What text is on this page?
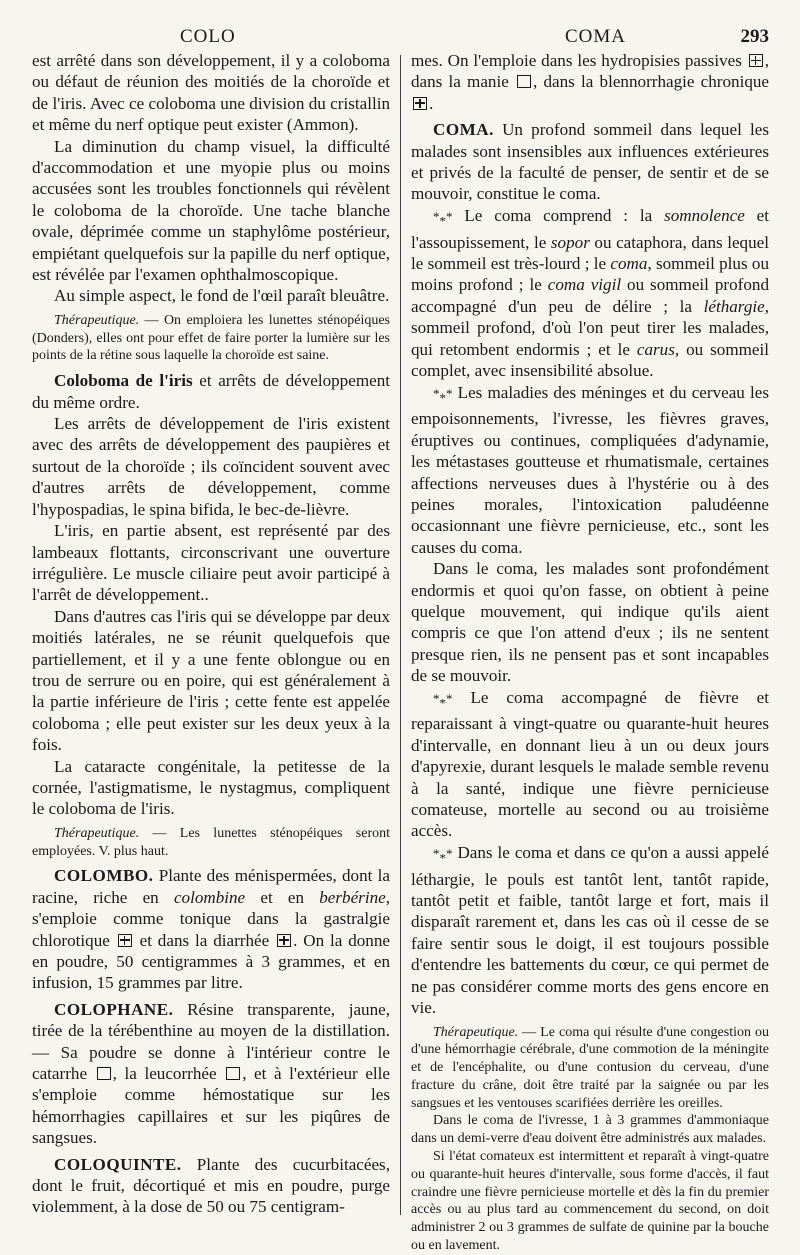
COLO	COMA	293

est arrêté dans son développement, il y a coloboma ou défaut de réunion des moitiés de la choroïde et de l'iris. Avec ce coloboma une division du cristallin et même du nerf optique peut exister (Ammon).

La diminution du champ visuel, la difficulté d'accommodation et une myopie plus ou moins accusées sont les troubles fonctionnels qui révèlent le coloboma de la choroïde. Une tache blanche ovale, déprimée comme un staphylôme postérieur, empiétant quelquefois sur la papille du nerf optique, est révélée par l'examen ophthalmoscopique.

Au simple aspect, le fond de l'œil paraît bleuâtre.

Thérapeutique. — On emploiera les lunettes sténopéiques (Donders), elles ont pour effet de faire porter la lumière sur les points de la rétine sous laquelle la choroïde est saine.

Coloboma de l'iris et arrêts de développement du même ordre.

Les arrêts de développement de l'iris existent avec des arrêts de développement des paupières et surtout de la choroïde ; ils coïncident souvent avec d'autres arrêts de développement, comme l'hypospadias, le spina bifida, le bec-de-lièvre.

L'iris, en partie absent, est représenté par des lambeaux flottants, circonscrivant une ouverture irrégulière. Le muscle ciliaire peut avoir participé à l'arrêt de développement..

Dans d'autres cas l'iris qui se développe par deux moitiés latérales, ne se réunit quelquefois que partiellement, et il y a une fente oblongue ou en trou de serrure ou en poire, qui est généralement à la partie inférieure de l'iris ; cette fente est appelée coloboma ; elle peut exister sur les deux yeux à la fois.

La cataracte congénitale, la petitesse de la cornée, l'astigmatisme, le nystagmus, compliquent le coloboma de l'iris.

Thérapeutique. — Les lunettes sténopéiques seront employées. V. plus haut.

COLOMBO. Plante des ménispermées, dont la racine, riche en colombine et en berbérine, s'emploie comme tonique dans la gastralgie chlorotique  et dans la diarrhée . On la donne en poudre, 50 centigrammes à 3 grammes, et en infusion, 15 grammes par litre.

COLOPHANE. Résine transparente, jaune, tirée de la térébenthine au moyen de la distillation. — Sa poudre se donne à l'intérieur contre le catarrhe , la leucorrhée , et à l'extérieur elle s'emploie comme hémostatique sur les hémorrhagies capillaires et sur les piqûres de sangsues.

COLOQUINTE. Plante des cucurbitacées, dont le fruit, décortiqué et mis en poudre, purge violemment, à la dose de 50 ou 75 centigram-

mes. On l'emploie dans les hydropisies passives , dans la manie , dans la blennorrhagie chronique .

COMA. Un profond sommeil dans lequel les malades sont insensibles aux influences extérieures et privés de la faculté de penser, de sentir et de se mouvoir, constitue le coma.

$*_**$ Le coma comprend : la somnolence et l'assoupissement, le sopor ou cataphora, dans lequel le sommeil est très-lourd ; le coma, sommeil plus ou moins profond ; le coma vigil ou sommeil profond accompagné d'un peu de délire ; la léthargie, sommeil profond, d'où l'on peut tirer les malades, qui retombent endormis ; et le carus, ou sommeil complet, avec insensibilité absolue.

$*_**$ Les maladies des méninges et du cerveau les empoisonnements, l'ivresse, les fièvres graves, éruptives ou continues, compliquées d'adynamie, les métastases goutteuse et rhumatismale, certaines affections nerveuses dues à l'hystérie ou à des peines morales, l'intoxication paludéenne occasionnant une fièvre pernicieuse, etc., sont les causes du coma.

Dans le coma, les malades sont profondément endormis et quoi qu'on fasse, on obtient à peine quelque mouvement, qui indique qu'ils aient compris ce que l'on attend d'eux ; ils ne sentent presque rien, ils ne pensent pas et sont incapables de se mouvoir.

$*_**$ Le coma accompagné de fièvre et reparaissant à vingt-quatre ou quarante-huit heures d'intervalle, en donnant lieu à un ou deux jours d'apyrexie, durant lesquels le malade semble revenu à la santé, indique une fièvre pernicieuse comateuse, mortelle au second ou au troisième accès.

$*_**$ Dans le coma et dans ce qu'on a aussi appelé léthargie, le pouls est tantôt lent, tantôt rapide, tantôt petit et faible, tantôt large et fort, mais il disparaît rarement et, dans les cas où il cesse de se faire sentir sous le doigt, il est toujours possible d'entendre les battements du cœur, ce qui permet de ne pas considérer comme morts des gens encore en vie.

Thérapeutique. — Le coma qui résulte d'une congestion ou d'une hémorrhagie cérébrale, d'une commotion de la méningite et de l'encéphalite, ou d'une contusion du cerveau, d'une fracture du crâne, doit être traité par la saignée ou par les sangsues et les ventouses scarifiées derrière les oreilles.

Dans le coma de l'ivresse, 1 à 3 grammes d'ammoniaque dans un demi-verre d'eau doivent être administrés aux malades.

Si l'état comateux est intermittent et reparaît à vingt-quatre ou quarante-huit heures d'intervalle, sous forme d'accès, il faut craindre une fièvre pernicieuse mortelle et dès la fin du premier accès ou au plus tard au commencement du second, on doit administrer 2 ou 3 grammes de sulfate de quinine par la bouche ou en lavement.
